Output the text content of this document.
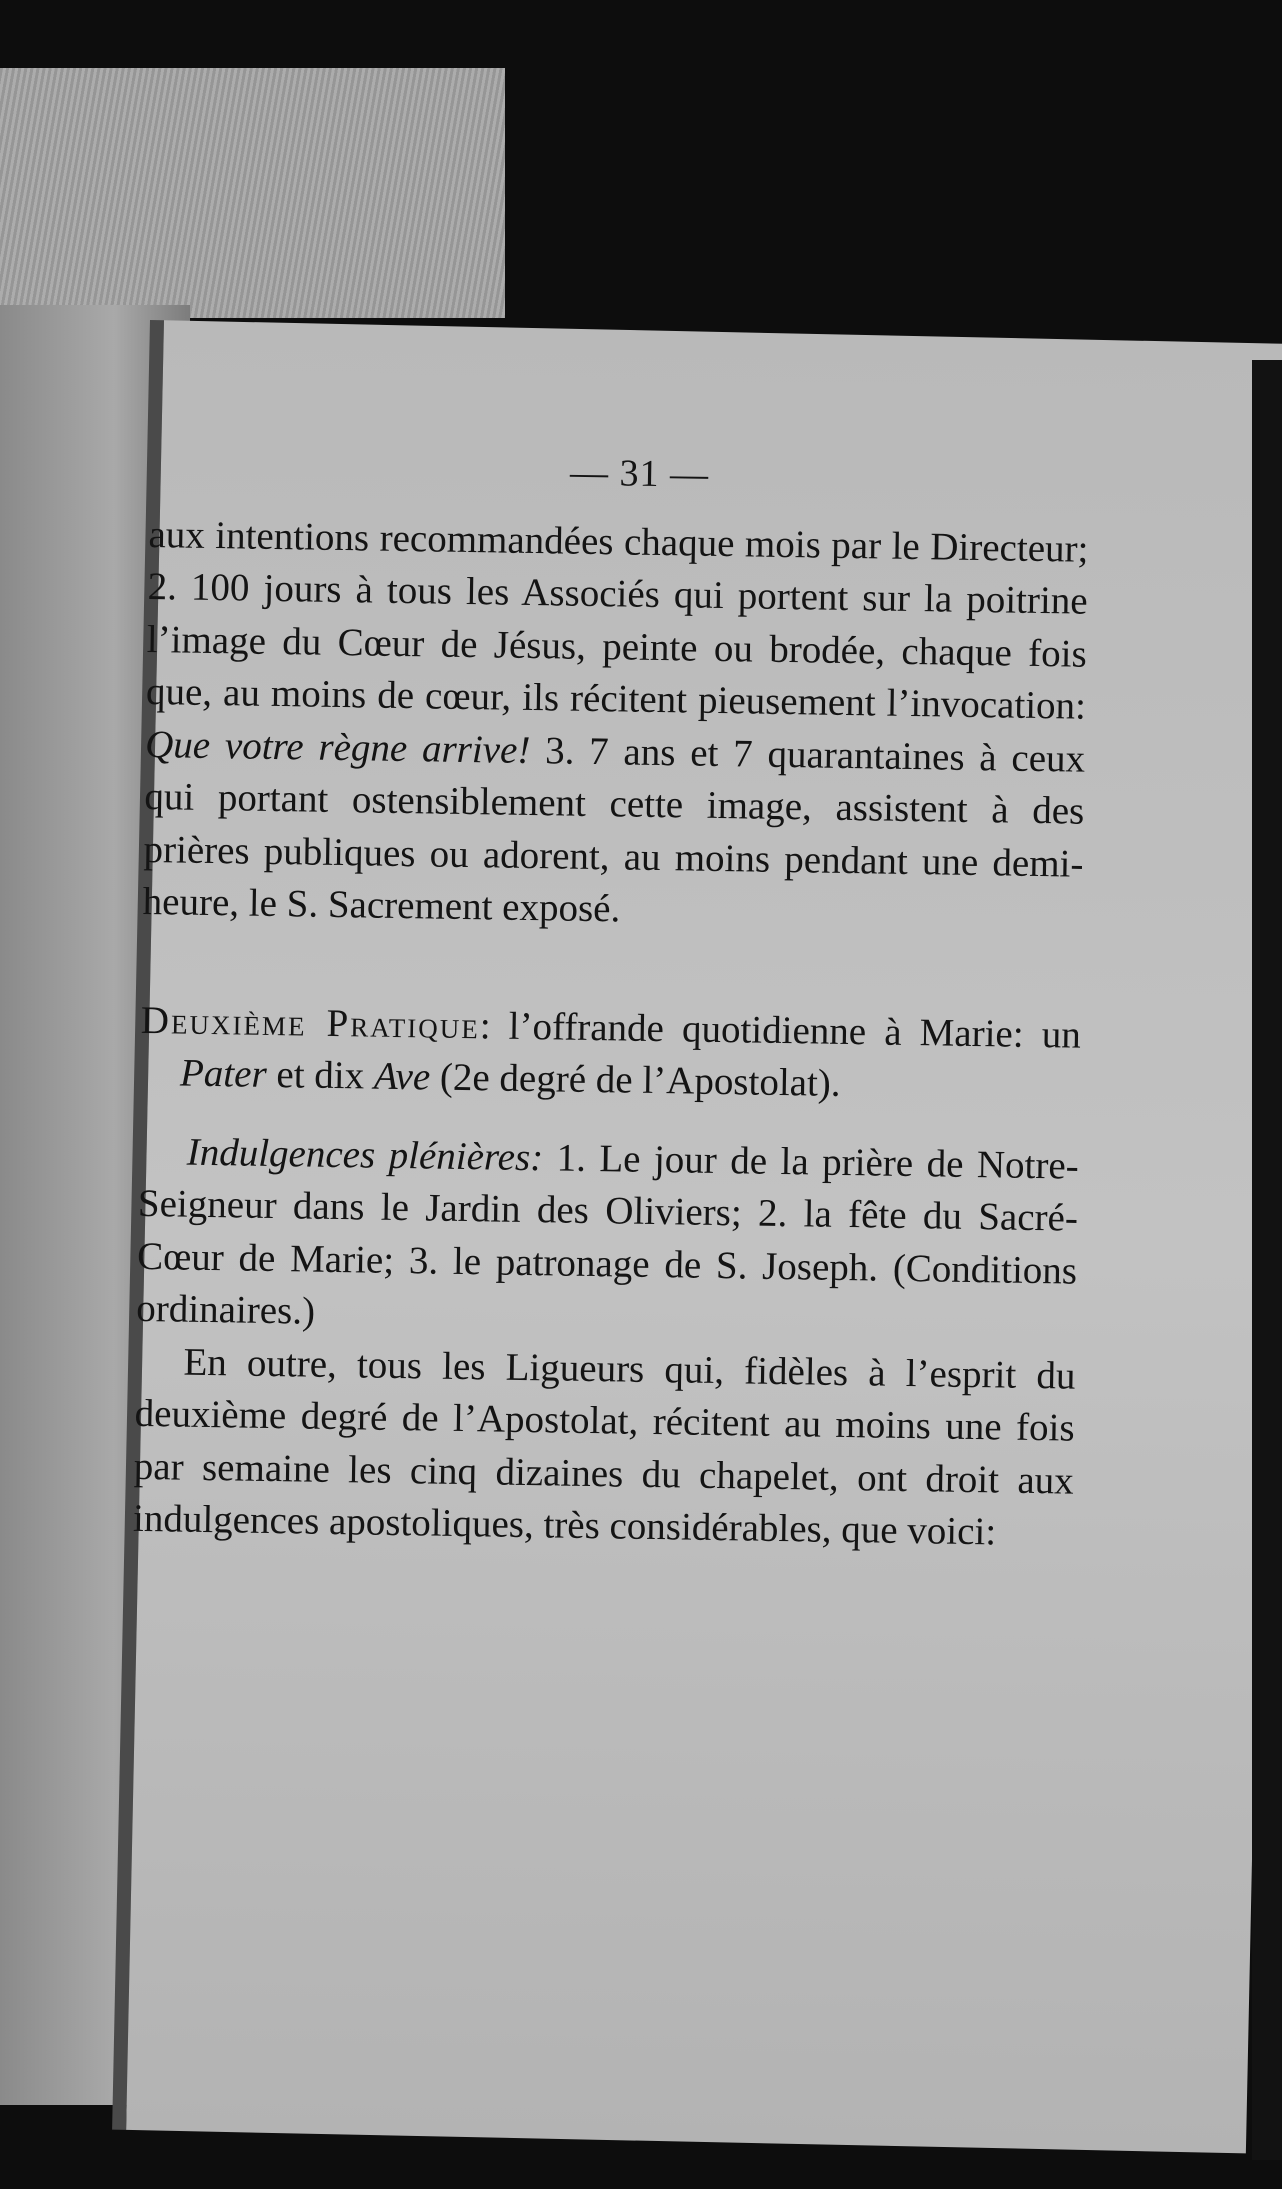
— 31 —

aux intentions recommandées chaque mois par le Directeur; 2. 100 jours à tous les Associés qui portent sur la poitrine l’image du Cœur de Jésus, peinte ou brodée, chaque fois que, au moins de cœur, ils récitent pieusement l’invocation: Que votre règne arrive! 3. 7 ans et 7 quarantaines à ceux qui portant ostensiblement cette image, assistent à des prières publiques ou adorent, au moins pendant une demi-heure, le S. Sacrement exposé.

Deuxième Pratique: l’offrande quotidienne à Marie: un Pater et dix Ave (2e degré de l’Apostolat).

Indulgences plénières: 1. Le jour de la prière de Notre-Seigneur dans le Jardin des Oliviers; 2. la fête du Sacré-Cœur de Marie; 3. le patronage de S. Joseph. (Conditions ordinaires.)

En outre, tous les Ligueurs qui, fidèles à l’esprit du deuxième degré de l’Apostolat, récitent au moins une fois par semaine les cinq dizaines du chapelet, ont droit aux indulgences apostoliques, très considérables, que voici:
